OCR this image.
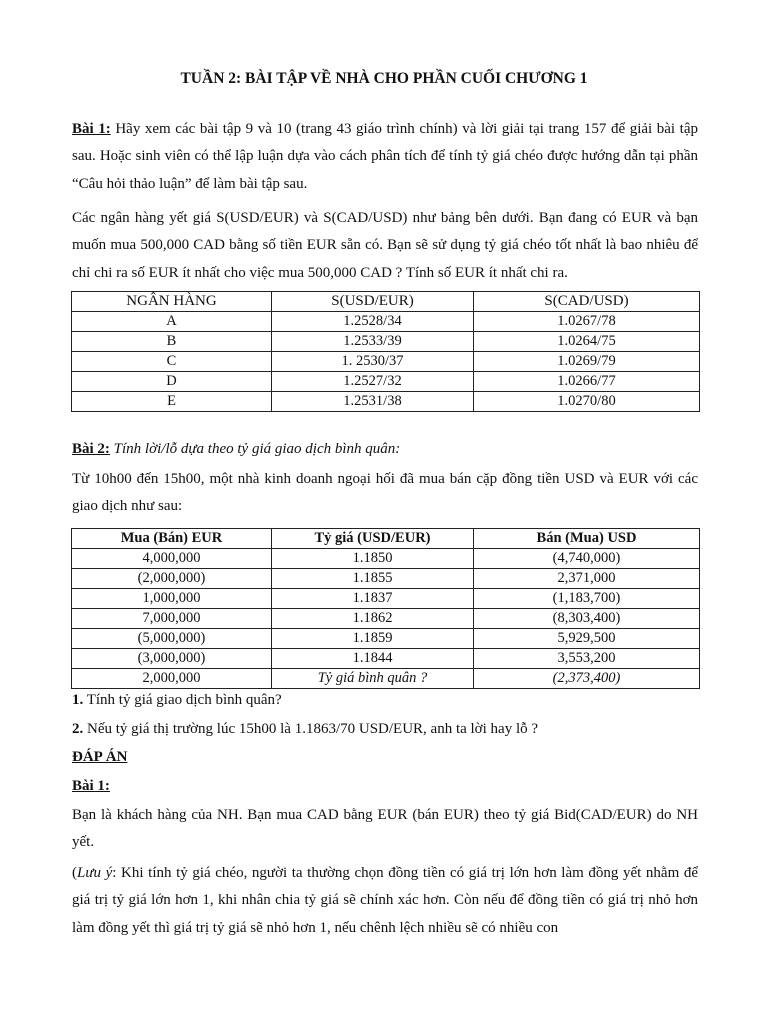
TUẦN 2: BÀI TẬP VỀ NHÀ CHO PHẦN CUỐI CHƯƠNG 1

Bài 1: Hãy xem các bài tập 9 và 10 (trang 43 giáo trình chính) và lời giải tại trang 157 để giải bài tập sau. Hoặc sinh viên có thể lập luận dựa vào cách phân tích để tính tỷ giá chéo được hướng dẫn tại phần “Câu hỏi thảo luận” để làm bài tập sau.

Các ngân hàng yết giá S(USD/EUR) và S(CAD/USD) như bảng bên dưới. Bạn đang có EUR và bạn muốn mua 500,000 CAD bằng số tiền EUR sẵn có. Bạn sẽ sử dụng tỷ giá chéo tốt nhất là bao nhiêu để chỉ chi ra số EUR ít nhất cho việc mua 500,000 CAD ? Tính số EUR ít nhất chi ra.

NGÂN HÀNG	S(USD/EUR)	S(CAD/USD)
A	1.2528/34	1.0267/78
B	1.2533/39	1.0264/75
C	1. 2530/37	1.0269/79
D	1.2527/32	1.0266/77
E	1.2531/38	1.0270/80

Bài 2: Tính lời/lỗ dựa theo tỷ giá giao dịch bình quân:

Từ 10h00 đến 15h00, một nhà kinh doanh ngoại hối đã mua bán cặp đồng tiền USD và EUR với các giao dịch như sau:

Mua (Bán) EUR	Tỷ giá (USD/EUR)	Bán (Mua) USD
4,000,000	1.1850	(4,740,000)
(2,000,000)	1.1855	2,371,000
1,000,000	1.1837	(1,183,700)
7,000,000	1.1862	(8,303,400)
(5,000,000)	1.1859	5,929,500
(3,000,000)	1.1844	3,553,200
2,000,000	Tỷ giá bình quân ?	(2,373,400)

1. Tính tỷ giá giao dịch bình quân?

2. Nếu tỷ giá thị trường lúc 15h00 là 1.1863/70 USD/EUR, anh ta lời hay lỗ ?

ĐÁP ÁN

Bài 1:

Bạn là khách hàng của NH. Bạn mua CAD bằng EUR (bán EUR) theo tỷ giá Bid(CAD/EUR) do NH yết.

(Lưu ý: Khi tính tỷ giá chéo, người ta thường chọn đồng tiền có giá trị lớn hơn làm đồng yết nhằm để giá trị tỷ giá lớn hơn 1, khi nhân chia tỷ giá sẽ chính xác hơn. Còn nếu để đồng tiền có giá trị nhỏ hơn làm đồng yết thì giá trị tỷ giá sẽ nhỏ hơn 1, nếu chênh lệch nhiều sẽ có nhiều con
